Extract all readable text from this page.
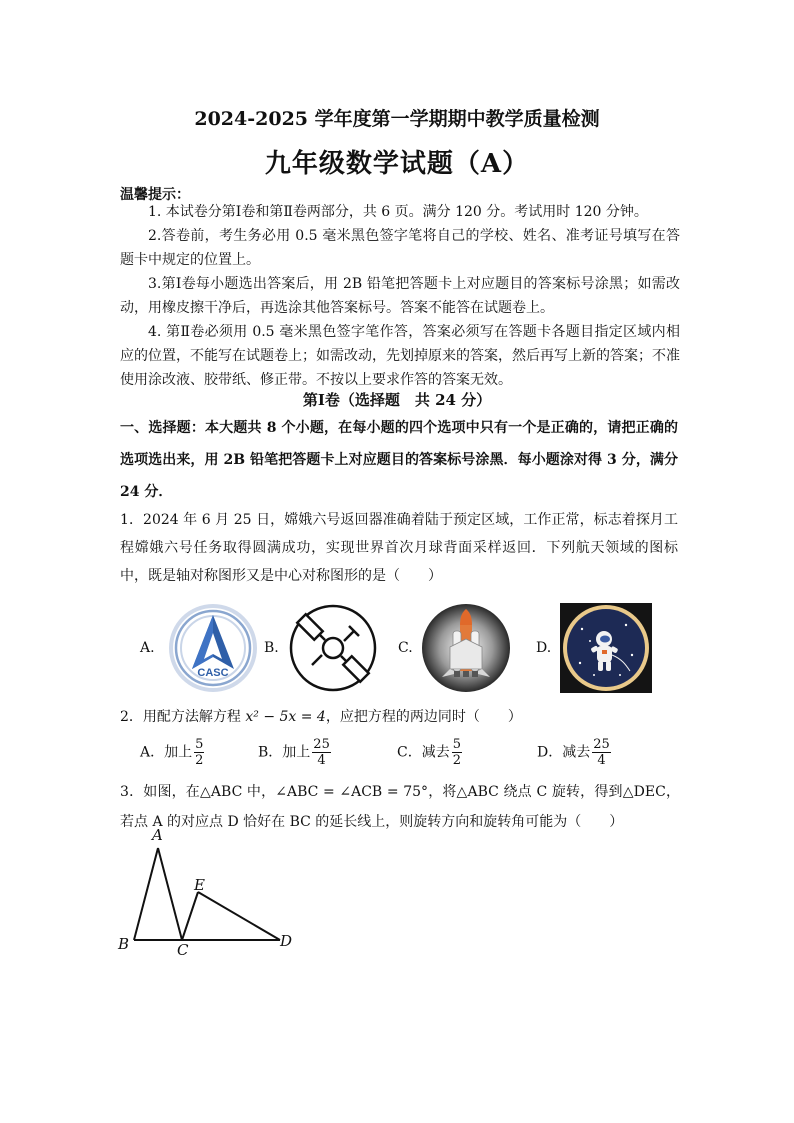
2024-2025 学年度第一学期期中教学质量检测
九年级数学试题（A）
温馨提示：
1. 本试卷分第Ⅰ卷和第Ⅱ卷两部分，共 6 页。满分 120 分。考试用时 120 分钟。
2.答卷前，考生务必用 0.5 毫米黑色签字笔将自己的学校、姓名、准考证号填写在答题卡中规定的位置上。
3.第Ⅰ卷每小题选出答案后，用 2B 铅笔把答题卡上对应题目的答案标号涂黑；如需改动，用橡皮擦干净后，再选涂其他答案标号。答案不能答在试题卷上。
4. 第Ⅱ卷必须用 0.5 毫米黑色签字笔作答，答案必须写在答题卡各题目指定区域内相应的位置，不能写在试题卷上；如需改动，先划掉原来的答案，然后再写上新的答案；不准使用涂改液、胶带纸、修正带。不按以上要求作答的答案无效。
第Ⅰ卷（选择题　共 24 分）
一、选择题：本大题共 8 个小题，在每小题的四个选项中只有一个是正确的，请把正确的选项选出来，用 2B 铅笔把答题卡上对应题目的答案标号涂黑．每小题涂对得 3 分，满分 24 分．
1．2024 年 6 月 25 日，嫦娥六号返回器准确着陆于预定区域，工作正常，标志着探月工程嫦娥六号任务取得圆满成功，实现世界首次月球背面采样返回．下列航天领域的图标中，既是轴对称图形又是中心对称图形的是（　　）
A.
CASC
B.	C.	D.
2．用配方法解方程 x² − 5x = 4，应把方程的两边同时（　　）
A．加上 $\frac{5}{2}$	B．加上 $\frac{25}{4}$	C．减去 $\frac{5}{2}$	D．减去 $\frac{25}{4}$
3．如图，在△ABC 中，∠ABC = ∠ACB = 75°，将△ABC 绕点 C 旋转，得到△DEC，若点 A 的对应点 D 恰好在 BC 的延长线上，则旋转方向和旋转角可能为（　　）
A
B	C	D
E
